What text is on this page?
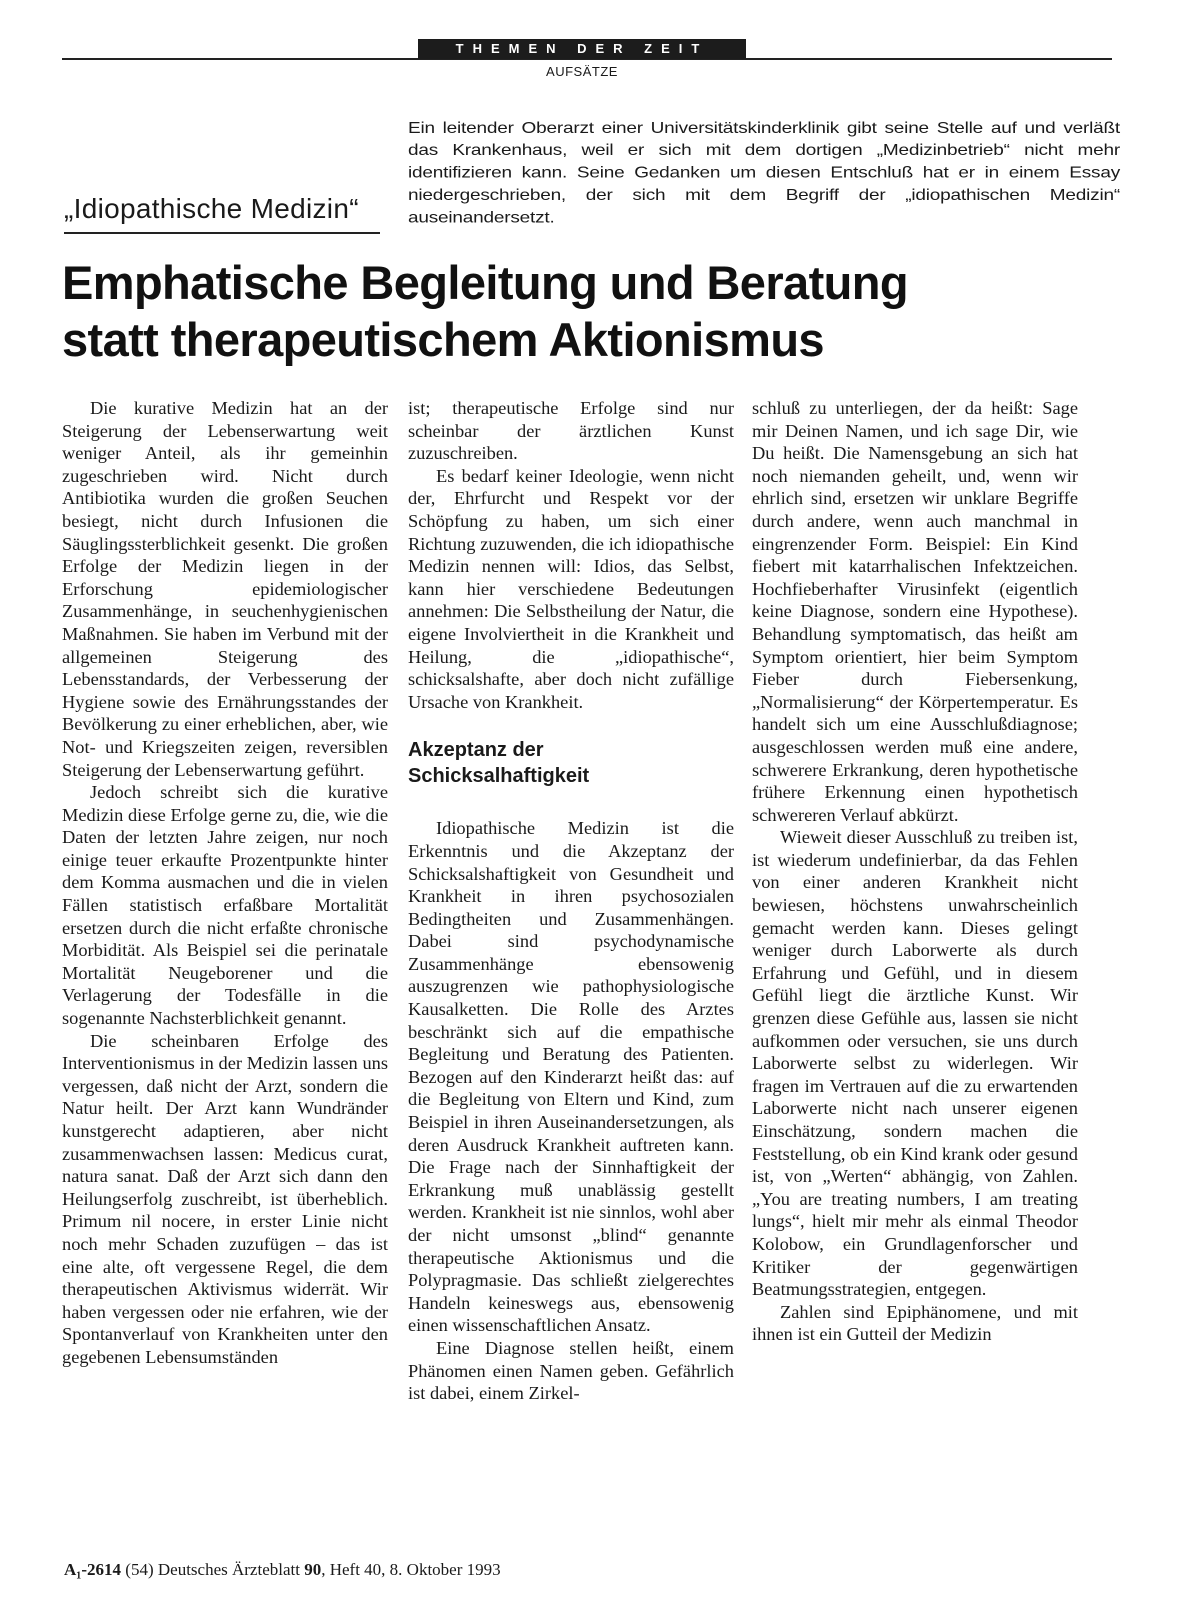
THEMEN DER ZEIT
AUFSÄTZE
„Idiopathische Medizin“

Ein leitender Oberarzt einer Universitätskinderklinik gibt seine Stelle auf und verläßt das Krankenhaus, weil er sich mit dem dortigen „Medizinbetrieb“ nicht mehr identifizieren kann. Seine Gedanken um diesen Entschluß hat er in einem Essay niedergeschrieben, der sich mit dem Begriff der „idiopathischen Medizin“ auseinandersetzt.

Emphatische Begleitung und Beratung
statt therapeutischem Aktionismus

Die kurative Medizin hat an der Steigerung der Lebenserwartung weit weniger Anteil, als ihr gemeinhin zugeschrieben wird. Nicht durch Antibiotika wurden die großen Seuchen besiegt, nicht durch Infusionen die Säuglingssterblichkeit gesenkt. Die großen Erfolge der Medizin liegen in der Erforschung epidemiologischer Zusammenhänge, in seuchenhygienischen Maßnahmen. Sie haben im Verbund mit der allgemeinen Steigerung des Lebensstandards, der Verbesserung der Hygiene sowie des Ernährungsstandes der Bevölkerung zu einer erheblichen, aber, wie Not- und Kriegszeiten zeigen, reversiblen Steigerung der Lebenserwartung geführt.

Jedoch schreibt sich die kurative Medizin diese Erfolge gerne zu, die, wie die Daten der letzten Jahre zeigen, nur noch einige teuer erkaufte Prozentpunkte hinter dem Komma ausmachen und die in vielen Fällen statistisch erfaßbare Mortalität ersetzen durch die nicht erfaßte chronische Morbidität. Als Beispiel sei die perinatale Mortalität Neugeborener und die Verlagerung der Todesfälle in die sogenannte Nachsterblichkeit genannt.

Die scheinbaren Erfolge des Interventionismus in der Medizin lassen uns vergessen, daß nicht der Arzt, sondern die Natur heilt. Der Arzt kann Wundränder kunstgerecht adaptieren, aber nicht zusammenwachsen lassen: Medicus curat, natura sanat. Daß der Arzt sich dann den Heilungserfolg zuschreibt, ist überheblich. Primum nil nocere, in erster Linie nicht noch mehr Schaden zuzufügen – das ist eine alte, oft vergessene Regel, die dem therapeutischen Aktivismus widerrät. Wir haben vergessen oder nie erfahren, wie der Spontanverlauf von Krankheiten unter den gegebenen Lebensumständen

ist; therapeutische Erfolge sind nur scheinbar der ärztlichen Kunst zuzuschreiben.

Es bedarf keiner Ideologie, wenn nicht der, Ehrfurcht und Respekt vor der Schöpfung zu haben, um sich einer Richtung zuzuwenden, die ich idiopathische Medizin nennen will: Idios, das Selbst, kann hier verschiedene Bedeutungen annehmen: Die Selbstheilung der Natur, die eigene Involviertheit in die Krankheit und Heilung, die „idiopathische“, schicksalshafte, aber doch nicht zufällige Ursache von Krankheit.

Akzeptanz der
Schicksalhaftigkeit

Idiopathische Medizin ist die Erkenntnis und die Akzeptanz der Schicksalshaftigkeit von Gesundheit und Krankheit in ihren psychosozialen Bedingtheiten und Zusammenhängen. Dabei sind psychodynamische Zusammenhänge ebensowenig auszugrenzen wie pathophysiologische Kausalketten. Die Rolle des Arztes beschränkt sich auf die empathische Begleitung und Beratung des Patienten. Bezogen auf den Kinderarzt heißt das: auf die Begleitung von Eltern und Kind, zum Beispiel in ihren Auseinandersetzungen, als deren Ausdruck Krankheit auftreten kann. Die Frage nach der Sinnhaftigkeit der Erkrankung muß unablässig gestellt werden. Krankheit ist nie sinnlos, wohl aber der nicht umsonst „blind“ genannte therapeutische Aktionismus und die Polypragmasie. Das schließt zielgerechtes Handeln keineswegs aus, ebensowenig einen wissenschaftlichen Ansatz.

Eine Diagnose stellen heißt, einem Phänomen einen Namen geben. Gefährlich ist dabei, einem Zirkel-

schluß zu unterliegen, der da heißt: Sage mir Deinen Namen, und ich sage Dir, wie Du heißt. Die Namensgebung an sich hat noch niemanden geheilt, und, wenn wir ehrlich sind, ersetzen wir unklare Begriffe durch andere, wenn auch manchmal in eingrenzender Form. Beispiel: Ein Kind fiebert mit katarrhalischen Infektzeichen. Hochfieberhafter Virusinfekt (eigentlich keine Diagnose, sondern eine Hypothese). Behandlung symptomatisch, das heißt am Symptom orientiert, hier beim Symptom Fieber durch Fiebersenkung, „Normalisierung“ der Körpertemperatur. Es handelt sich um eine Ausschlußdiagnose; ausgeschlossen werden muß eine andere, schwerere Erkrankung, deren hypothetische frühere Erkennung einen hypothetisch schwereren Verlauf abkürzt.

Wieweit dieser Ausschluß zu treiben ist, ist wiederum undefinierbar, da das Fehlen von einer anderen Krankheit nicht bewiesen, höchstens unwahrscheinlich gemacht werden kann. Dieses gelingt weniger durch Laborwerte als durch Erfahrung und Gefühl, und in diesem Gefühl liegt die ärztliche Kunst. Wir grenzen diese Gefühle aus, lassen sie nicht aufkommen oder versuchen, sie uns durch Laborwerte selbst zu widerlegen. Wir fragen im Vertrauen auf die zu erwartenden Laborwerte nicht nach unserer eigenen Einschätzung, sondern machen die Feststellung, ob ein Kind krank oder gesund ist, von „Werten“ abhängig, von Zahlen. „You are treating numbers, I am treating lungs“, hielt mir mehr als einmal Theodor Kolobow, ein Grundlagenforscher und Kritiker der gegenwärtigen Beatmungsstrategien, entgegen.

Zahlen sind Epiphänomene, und mit ihnen ist ein Gutteil der Medizin

A₁-2614 (54) Deutsches Ärzteblatt 90, Heft 40, 8. Oktober 1993
